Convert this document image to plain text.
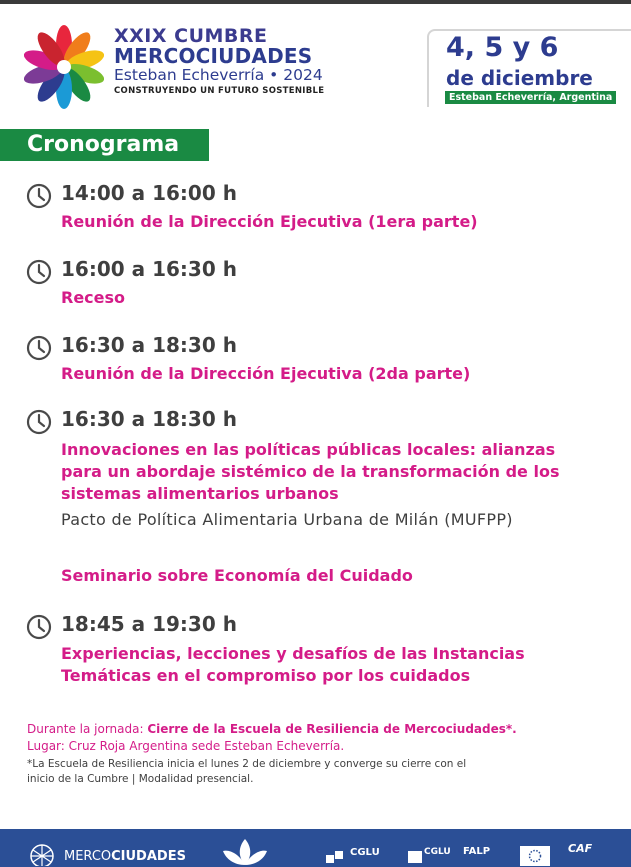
XXIX CUMBRE
MERCOCIUDADES
Esteban Echeverría • 2024
CONSTRUYENDO UN FUTURO SOSTENIBLE
4, 5 y 6
de diciembre
Esteban Echeverría, Argentina
Cronograma
14:00 a 16:00 h
Reunión de la Dirección Ejecutiva (1era parte)
16:00 a 16:30 h
Receso
16:30 a 18:30 h
Reunión de la Dirección Ejecutiva (2da parte)
16:30 a 18:30 h
Innovaciones en las políticas públicas locales: alianzas
para un abordaje sistémico de la transformación de los
sistemas alimentarios urbanos
Pacto de Política Alimentaria Urbana de Milán (MUFPP)
Seminario sobre Economía del Cuidado
18:45 a 19:30 h
Experiencias, lecciones y desafíos de las Instancias
Temáticas en el compromiso por los cuidados
Durante la jornada: Cierre de la Escuela de Resiliencia de Mercociudades*.
Lugar: Cruz Roja Argentina sede Esteban Echeverría.
*La Escuela de Resiliencia inicia el lunes 2 de diciembre y converge su cierre con el
inicio de la Cumbre | Modalidad presencial.
MERCOCIUDADES	CGLU	CGLU FALP	CAF
